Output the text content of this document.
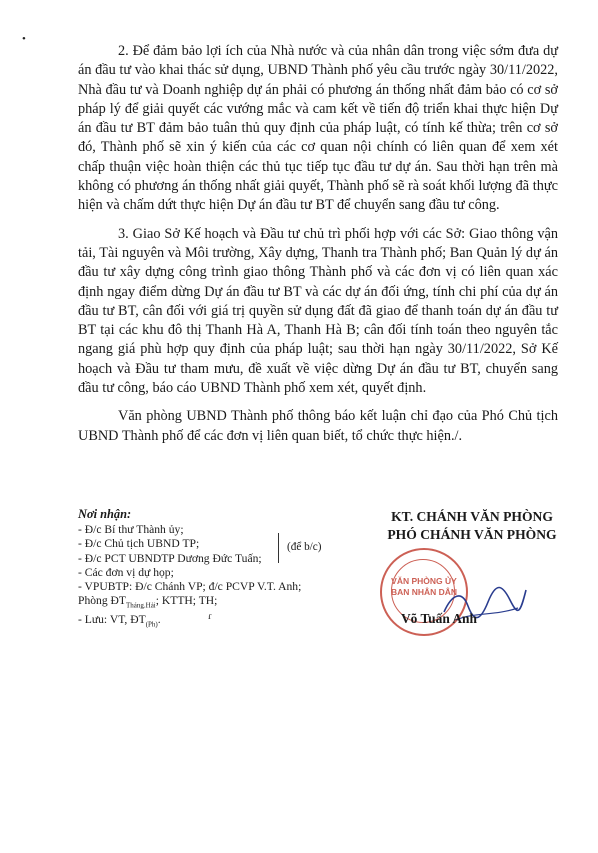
•

2. Để đảm bảo lợi ích của Nhà nước và của nhân dân trong việc sớm đưa dự án đầu tư vào khai thác sử dụng, UBND Thành phố yêu cầu trước ngày 30/11/2022, Nhà đầu tư và Doanh nghiệp dự án phải có phương án thống nhất đảm bảo có cơ sở pháp lý để giải quyết các vướng mắc và cam kết về tiến độ triển khai thực hiện Dự án đầu tư BT đảm bảo tuân thủ quy định của pháp luật, có tính kế thừa; trên cơ sở đó, Thành phố sẽ xin ý kiến của các cơ quan nội chính có liên quan để xem xét chấp thuận việc hoàn thiện các thủ tục tiếp tục đầu tư dự án. Sau thời hạn trên mà không có phương án thống nhất giải quyết, Thành phố sẽ rà soát khối lượng đã thực hiện và chấm dứt thực hiện Dự án đầu tư BT để chuyển sang đầu tư công.

3. Giao Sở Kế hoạch và Đầu tư chủ trì phối hợp với các Sở: Giao thông vận tải, Tài nguyên và Môi trường, Xây dựng, Thanh tra Thành phố; Ban Quản lý dự án đầu tư xây dựng công trình giao thông Thành phố và các đơn vị có liên quan xác định ngay điểm dừng Dự án đầu tư BT và các dự án đối ứng, tính chi phí của dự án đầu tư BT, cân đối với giá trị quyền sử dụng đất đã giao để thanh toán dự án đầu tư BT tại các khu đô thị Thanh Hà A, Thanh Hà B; cân đối tính toán theo nguyên tắc ngang giá phù hợp quy định của pháp luật; sau thời hạn ngày 30/11/2022, Sở Kế hoạch và Đầu tư tham mưu, đề xuất về việc dừng Dự án đầu tư BT, chuyển sang đầu tư công, báo cáo UBND Thành phố xem xét, quyết định.

Văn phòng UBND Thành phố thông báo kết luận chỉ đạo của Phó Chủ tịch UBND Thành phố để các đơn vị liên quan biết, tổ chức thực hiện./.

Nơi nhận:
- Đ/c Bí thư Thành ủy;
- Đ/c Chủ tịch UBND TP;
- Đ/c PCT UBNDTP Dương Đức Tuấn;
- Các đơn vị dự họp;
- VPUBTP: Đ/c Chánh VP; đ/c PCVP V.T. Anh;
Phòng $ĐT_{Tháng.Hải}$; KTTH; TH;
- Lưu: VT, $ĐT_{(Ph)}$.
(để b/c)
ɾ
KT. CHÁNH VĂN PHÒNG
PHÓ CHÁNH VĂN PHÒNG
VĂN PHÒNG ỦY BAN NHÂN DÂN
Võ Tuấn Anh
